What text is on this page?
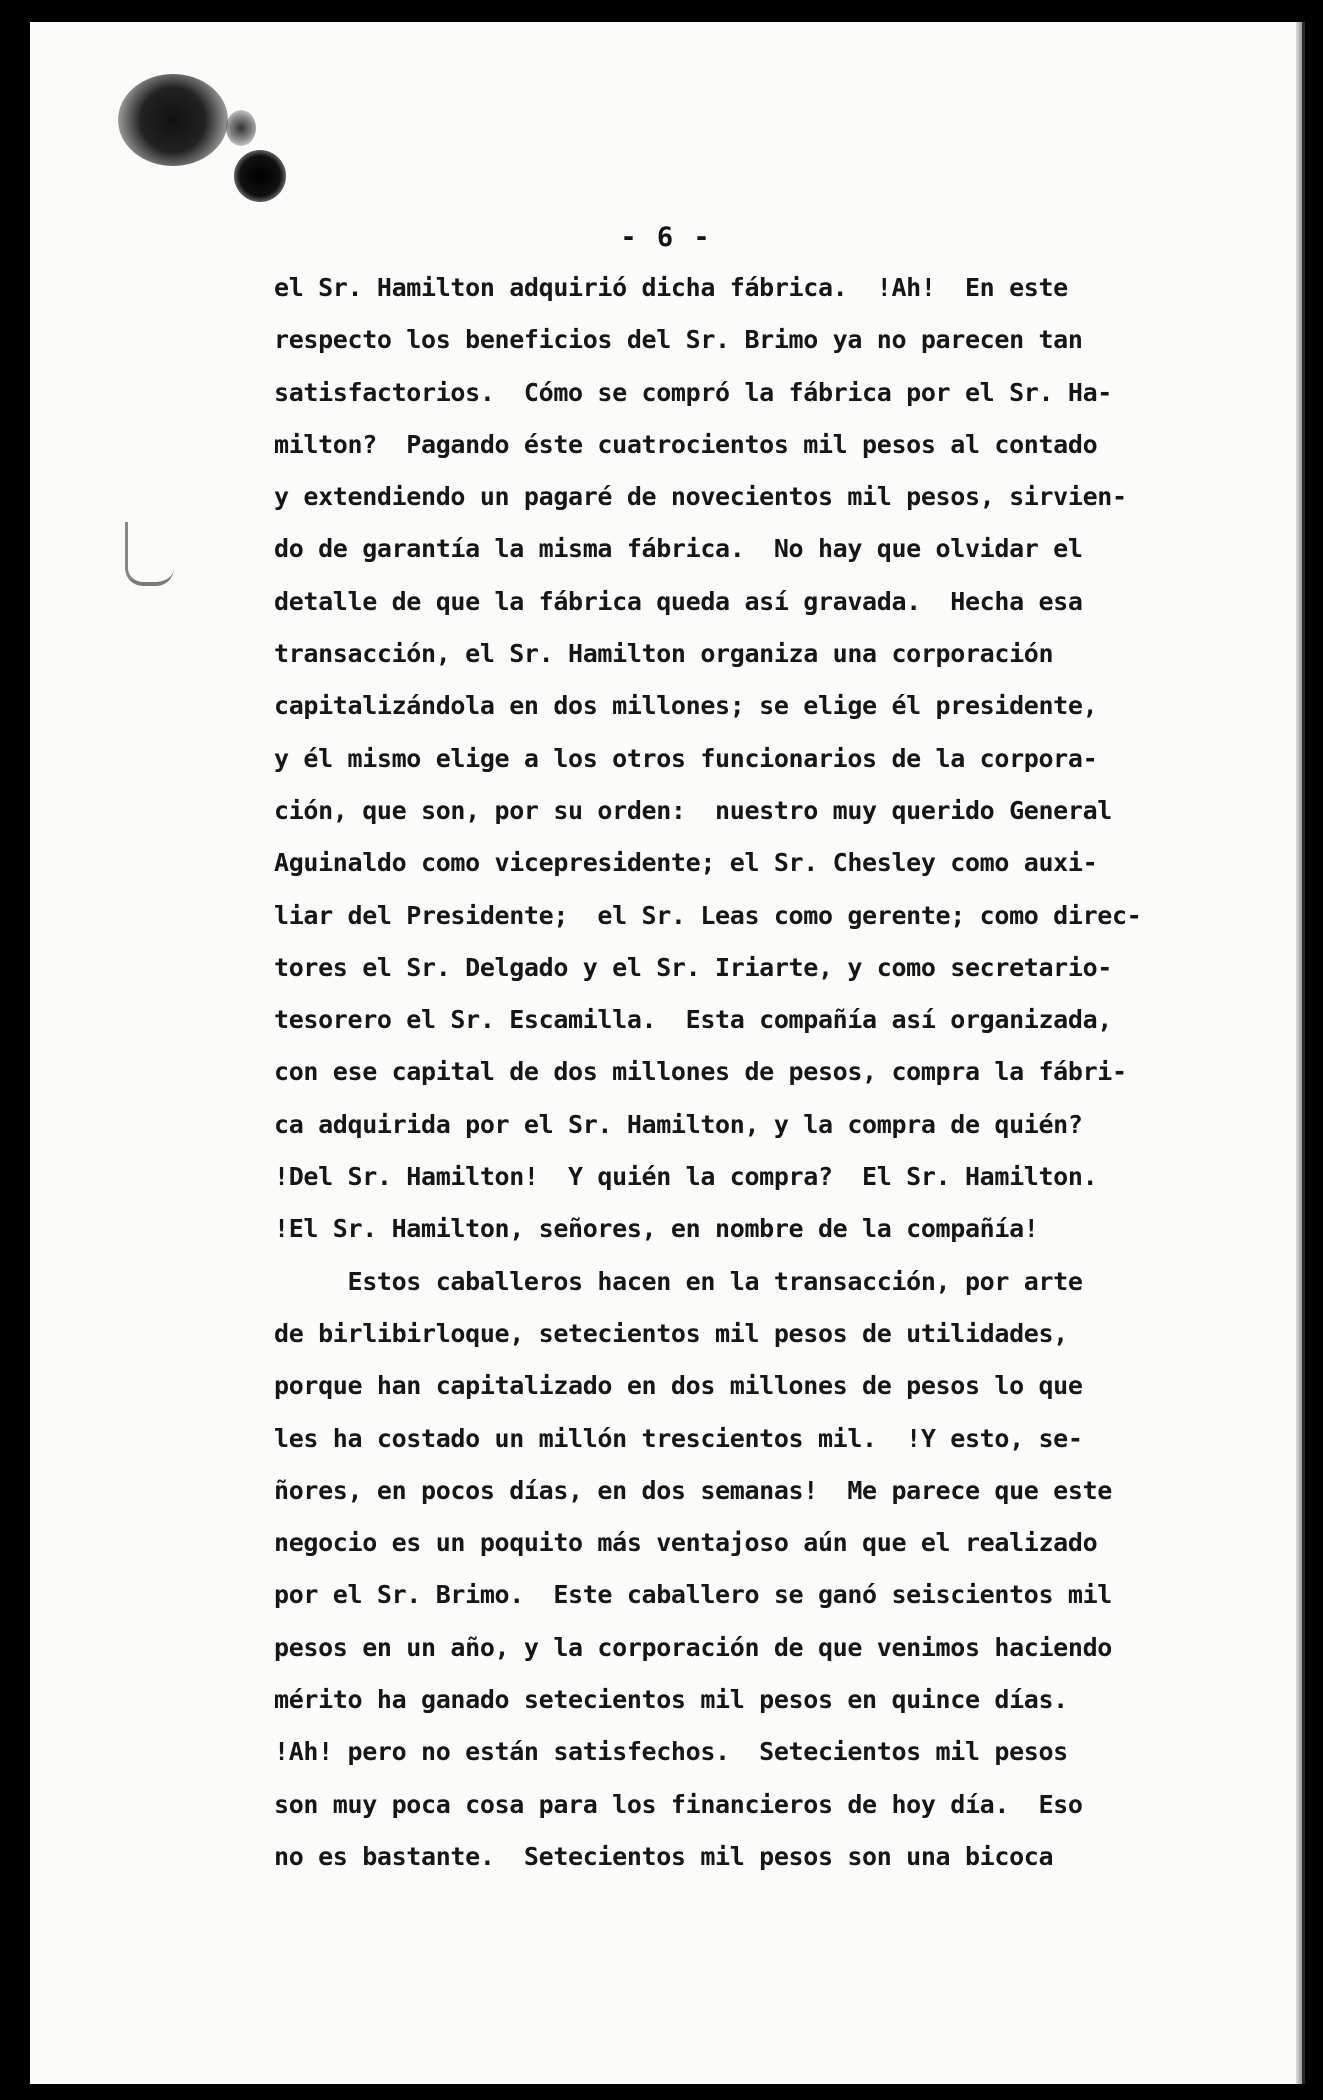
- 6 -
el Sr. Hamilton adquirió dicha fábrica.  !Ah!  En este
respecto los beneficios del Sr. Brimo ya no parecen tan
satisfactorios.  Cómo se compró la fábrica por el Sr. Ha-
milton?  Pagando éste cuatrocientos mil pesos al contado
y extendiendo un pagaré de novecientos mil pesos, sirvien-
do de garantía la misma fábrica.  No hay que olvidar el
detalle de que la fábrica queda así gravada.  Hecha esa
transacción, el Sr. Hamilton organiza una corporación
capitalizándola en dos millones; se elige él presidente,
y él mismo elige a los otros funcionarios de la corpora-
ción, que son, por su orden:  nuestro muy querido General
Aguinaldo como vicepresidente; el Sr. Chesley como auxi-
liar del Presidente;  el Sr. Leas como gerente; como direc-
tores el Sr. Delgado y el Sr. Iriarte, y como secretario-
tesorero el Sr. Escamilla.  Esta compañía así organizada,
con ese capital de dos millones de pesos, compra la fábri-
ca adquirida por el Sr. Hamilton, y la compra de quién?
!Del Sr. Hamilton!  Y quién la compra?  El Sr. Hamilton.
!El Sr. Hamilton, señores, en nombre de la compañía!
Estos caballeros hacen en la transacción, por arte
de birlibirloque, setecientos mil pesos de utilidades,
porque han capitalizado en dos millones de pesos lo que
les ha costado un millón trescientos mil.  !Y esto, se-
ñores, en pocos días, en dos semanas!  Me parece que este
negocio es un poquito más ventajoso aún que el realizado
por el Sr. Brimo.  Este caballero se ganó seiscientos mil
pesos en un año, y la corporación de que venimos haciendo
mérito ha ganado setecientos mil pesos en quince días.
!Ah! pero no están satisfechos.  Setecientos mil pesos
son muy poca cosa para los financieros de hoy día.  Eso
no es bastante.  Setecientos mil pesos son una bicoca
